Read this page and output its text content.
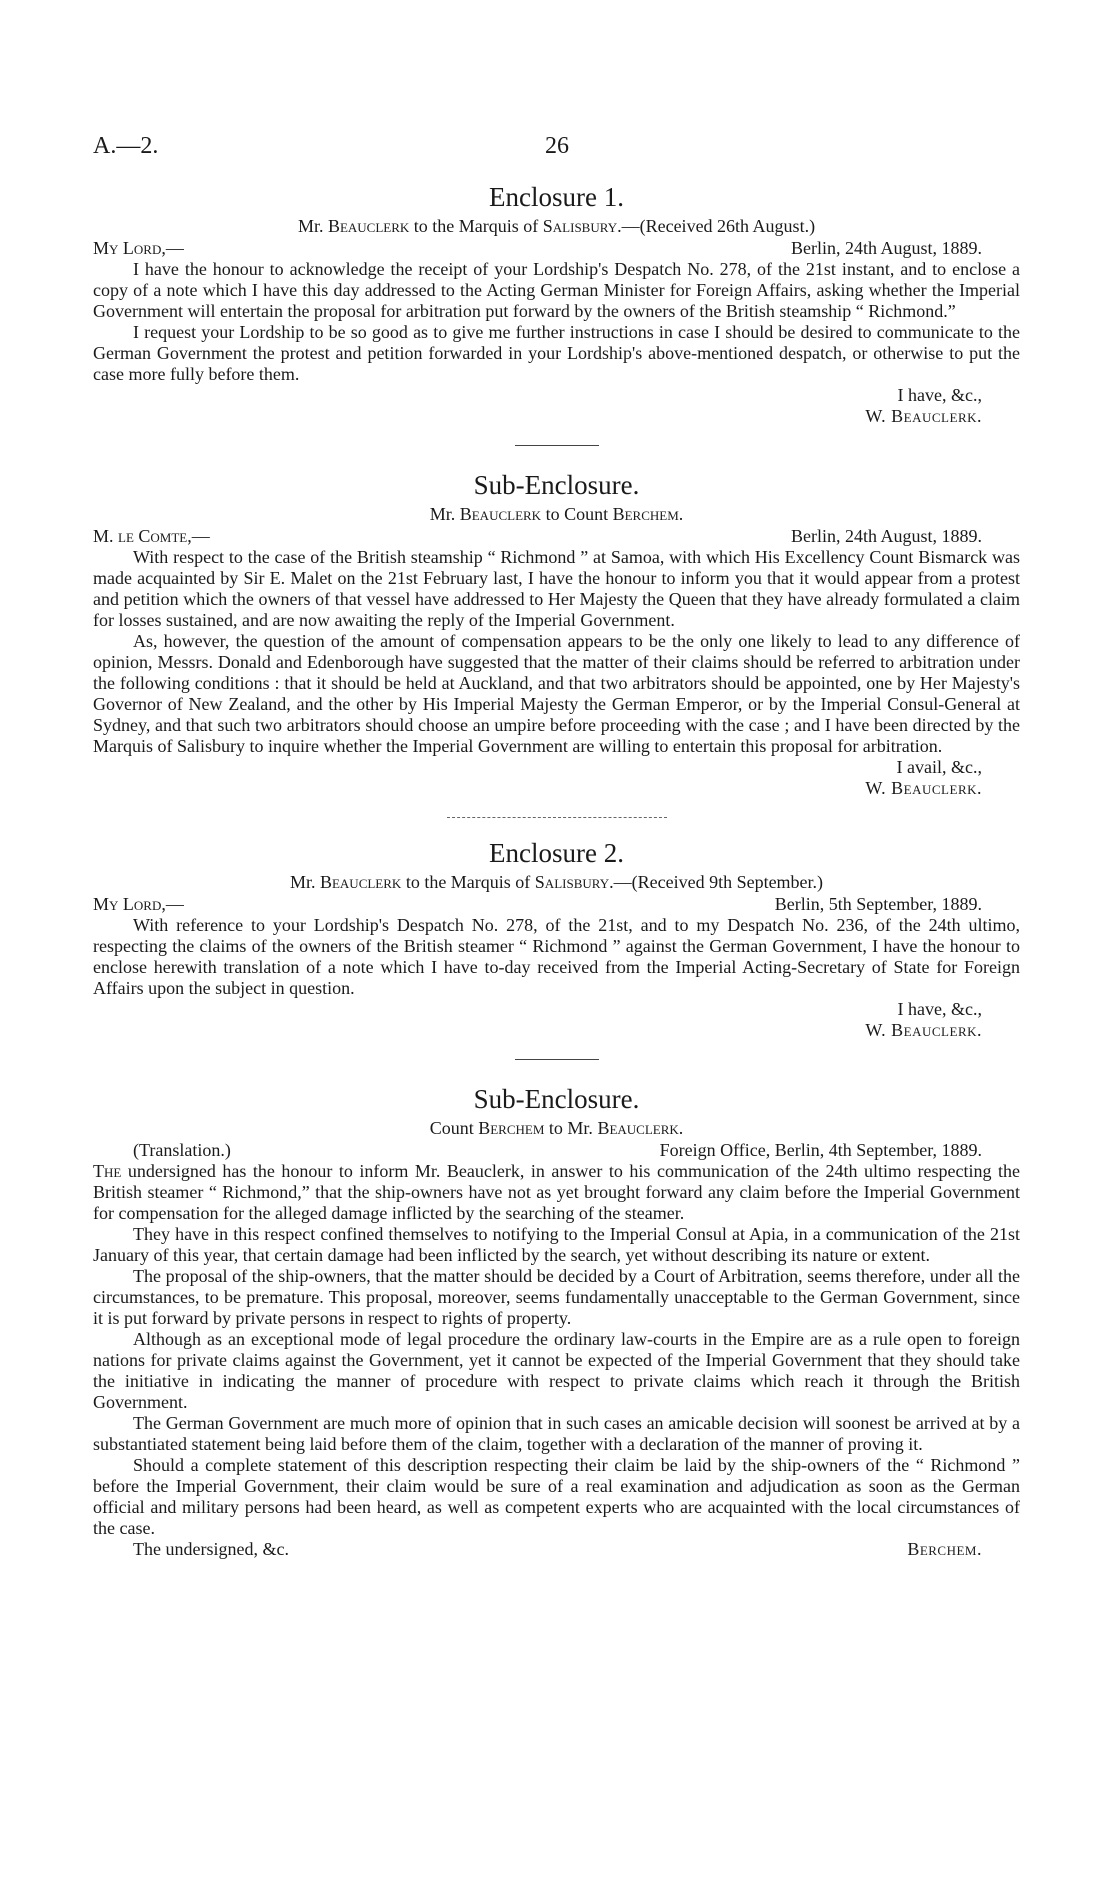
A.—2.	26
Enclosure 1.

Mr. Beauclerk to the Marquis of Salisbury.—(Received 26th August.)

My Lord,—	Berlin, 24th August, 1889.

I have the honour to acknowledge the receipt of your Lordship's Despatch No. 278, of the 21st instant, and to enclose a copy of a note which I have this day addressed to the Acting German Minister for Foreign Affairs, asking whether the Imperial Government will entertain the proposal for arbitration put forward by the owners of the British steamship “ Richmond.”

I request your Lordship to be so good as to give me further instructions in case I should be desired to communicate to the German Government the protest and petition forwarded in your Lordship's above-mentioned despatch, or otherwise to put the case more fully before them.

I have, &c.,
W. Beauclerk.

Sub-Enclosure.

Mr. Beauclerk to Count Berchem.

M. le Comte,—	Berlin, 24th August, 1889.

With respect to the case of the British steamship “ Richmond ” at Samoa, with which His Excellency Count Bismarck was made acquainted by Sir E. Malet on the 21st February last, I have the honour to inform you that it would appear from a protest and petition which the owners of that vessel have addressed to Her Majesty the Queen that they have already formulated a claim for losses sustained, and are now awaiting the reply of the Imperial Government.

As, however, the question of the amount of compensation appears to be the only one likely to lead to any difference of opinion, Messrs. Donald and Edenborough have suggested that the matter of their claims should be referred to arbitration under the following conditions : that it should be held at Auckland, and that two arbitrators should be appointed, one by Her Majesty's Governor of New Zealand, and the other by His Imperial Majesty the German Emperor, or by the Imperial Consul-General at Sydney, and that such two arbitrators should choose an umpire before proceeding with the case ; and I have been directed by the Marquis of Salisbury to inquire whether the Imperial Government are willing to entertain this proposal for arbitration.

I avail, &c.,
W. Beauclerk.

Enclosure 2.

Mr. Beauclerk to the Marquis of Salisbury.—(Received 9th September.)

My Lord,—	Berlin, 5th September, 1889.

With reference to your Lordship's Despatch No. 278, of the 21st, and to my Despatch No. 236, of the 24th ultimo, respecting the claims of the owners of the British steamer “ Richmond ” against the German Government, I have the honour to enclose herewith translation of a note which I have to-day received from the Imperial Acting-Secretary of State for Foreign Affairs upon the subject in question.

I have, &c.,
W. Beauclerk.

Sub-Enclosure.

Count Berchem to Mr. Beauclerk.

(Translation.)	Foreign Office, Berlin, 4th September, 1889.

The undersigned has the honour to inform Mr. Beauclerk, in answer to his communication of the 24th ultimo respecting the British steamer “ Richmond,” that the ship-owners have not as yet brought forward any claim before the Imperial Government for compensation for the alleged damage inflicted by the searching of the steamer.

They have in this respect confined themselves to notifying to the Imperial Consul at Apia, in a communication of the 21st January of this year, that certain damage had been inflicted by the search, yet without describing its nature or extent.

The proposal of the ship-owners, that the matter should be decided by a Court of Arbitration, seems therefore, under all the circumstances, to be premature. This proposal, moreover, seems fundamentally unacceptable to the German Government, since it is put forward by private persons in respect to rights of property.

Although as an exceptional mode of legal procedure the ordinary law-courts in the Empire are as a rule open to foreign nations for private claims against the Government, yet it cannot be expected of the Imperial Government that they should take the initiative in indicating the manner of procedure with respect to private claims which reach it through the British Government.

The German Government are much more of opinion that in such cases an amicable decision will soonest be arrived at by a substantiated statement being laid before them of the claim, together with a declaration of the manner of proving it.

Should a complete statement of this description respecting their claim be laid by the ship-owners of the “ Richmond ” before the Imperial Government, their claim would be sure of a real examination and adjudication as soon as the German official and military persons had been heard, as well as competent experts who are acquainted with the local circumstances of the case.

The undersigned, &c.	Berchem.
